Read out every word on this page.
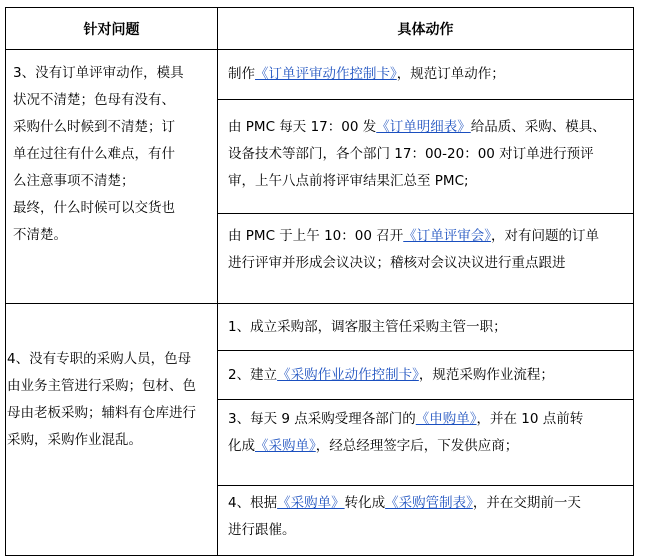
针对问题	具体动作
3、没有订单评审动作，模具
状况不清楚；色母有没有、
采购什么时候到不清楚；订
单在过往有什么难点，有什
么注意事项不清楚；
最终，什么时候可以交货也
不清楚。
4、没有专职的采购人员，色母
由业务主管进行采购；包材、色
母由老板采购；辅料有仓库进行
采购，采购作业混乱。
制作《订单评审动作控制卡》，规范订单动作；
由 PMC 每天 17：00 发《订单明细表》给品质、采购、模具、
设备技术等部门，各个部门 17：00-20：00 对订单进行预评
审，上午八点前将评审结果汇总至 PMC;
由 PMC 于上午 10：00 召开《订单评审会》，对有问题的订单
进行评审并形成会议决议；稽核对会议决议进行重点跟进
1、成立采购部，调客服主管任采购主管一职；
2、建立《采购作业动作控制卡》，规范采购作业流程；
3、每天 9 点采购受理各部门的《申购单》，并在 10 点前转
化成《采购单》，经总经理签字后，下发供应商；
4、根据《采购单》转化成《采购管制表》，并在交期前一天
进行跟催。
